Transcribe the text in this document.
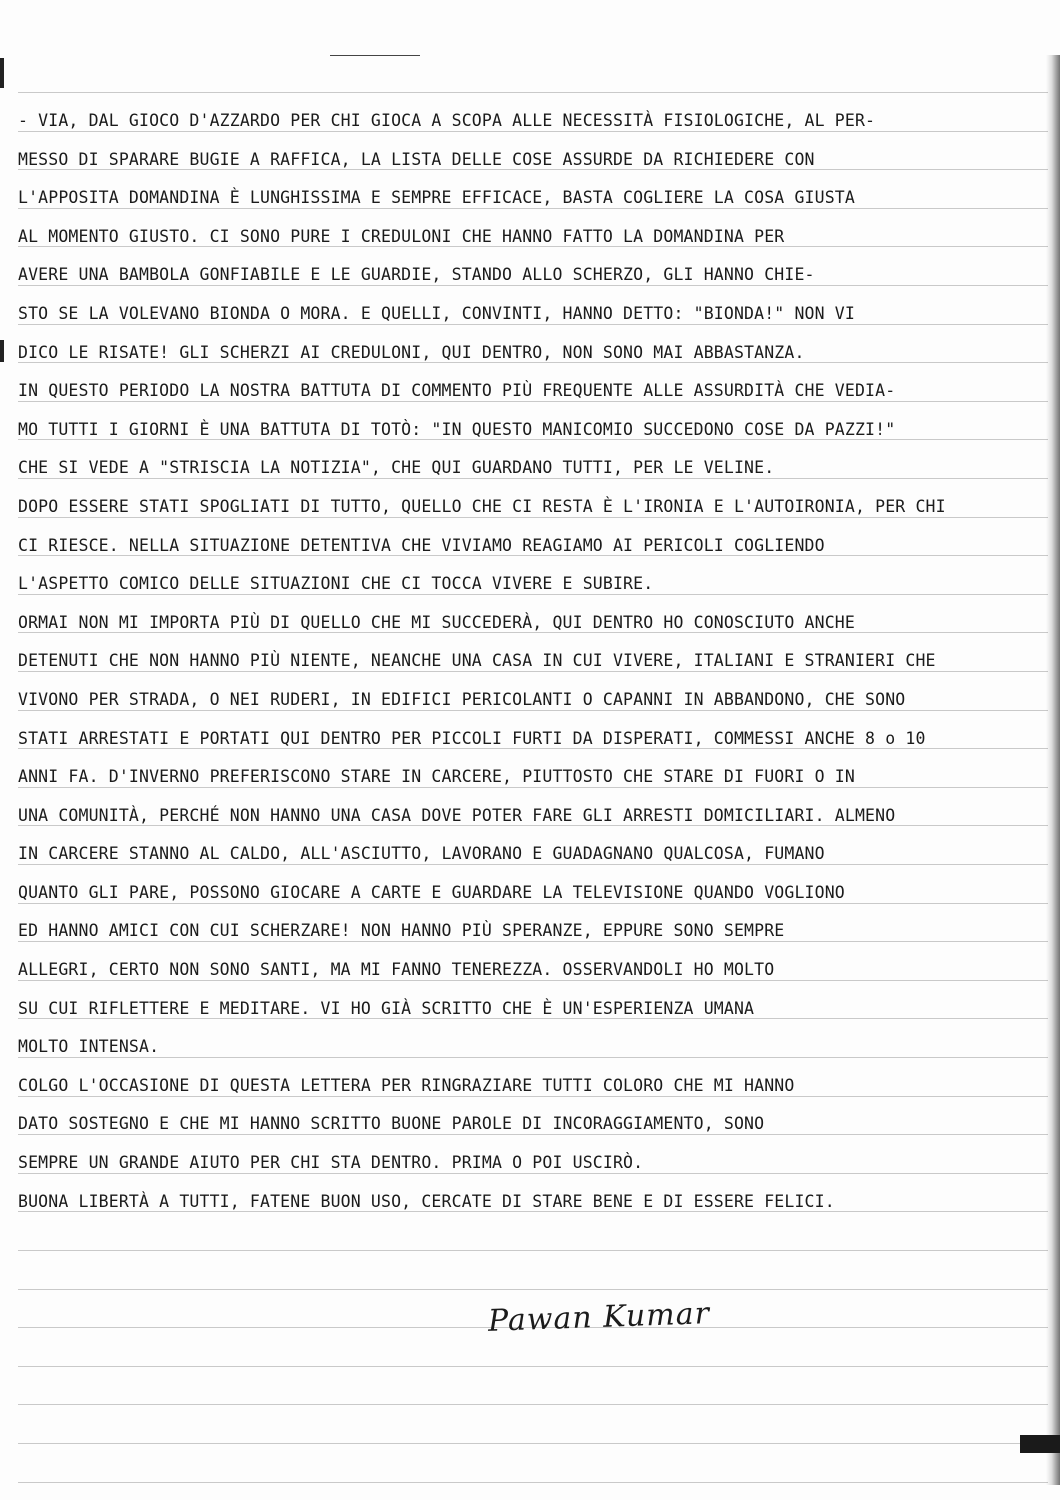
- VIA, DAL GIOCO D'AZZARDO PER CHI GIOCA A SCOPA ALLE NECESSITÀ FISIOLOGICHE, AL PER-
MESSO DI SPARARE BUGIE A RAFFICA, LA LISTA DELLE COSE ASSURDE DA RICHIEDERE CON
L'APPOSITA DOMANDINA È LUNGHISSIMA E SEMPRE EFFICACE, BASTA COGLIERE LA COSA GIUSTA
AL MOMENTO GIUSTO. CI SONO PURE I CREDULONI CHE HANNO FATTO LA DOMANDINA PER
AVERE UNA BAMBOLA GONFIABILE E LE GUARDIE, STANDO ALLO SCHERZO, GLI HANNO CHIE-
STO SE LA VOLEVANO BIONDA O MORA. E QUELLI, CONVINTI, HANNO DETTO: "BIONDA!" NON VI
DICO LE RISATE! GLI SCHERZI AI CREDULONI, QUI DENTRO, NON SONO MAI ABBASTANZA.
IN QUESTO PERIODO LA NOSTRA BATTUTA DI COMMENTO PIÙ FREQUENTE ALLE ASSURDITÀ CHE VEDIA-
MO TUTTI I GIORNI È UNA BATTUTA DI TOTÒ: "IN QUESTO MANICOMIO SUCCEDONO COSE DA PAZZI!"
CHE SI VEDE A "STRISCIA LA NOTIZIA", CHE QUI GUARDANO TUTTI, PER LE VELINE.
DOPO ESSERE STATI SPOGLIATI DI TUTTO, QUELLO CHE CI RESTA È L'IRONIA E L'AUTOIRONIA, PER CHI
CI RIESCE. NELLA SITUAZIONE DETENTIVA CHE VIVIAMO REAGIAMO AI PERICOLI COGLIENDO
L'ASPETTO COMICO DELLE SITUAZIONI CHE CI TOCCA VIVERE E SUBIRE.
ORMAI NON MI IMPORTA PIÙ DI QUELLO CHE MI SUCCEDERÀ, QUI DENTRO HO CONOSCIUTO ANCHE
DETENUTI CHE NON HANNO PIÙ NIENTE, NEANCHE UNA CASA IN CUI VIVERE, ITALIANI E STRANIERI CHE
VIVONO PER STRADA, O NEI RUDERI, IN EDIFICI PERICOLANTI O CAPANNI IN ABBANDONO, CHE SONO
STATI ARRESTATI E PORTATI QUI DENTRO PER PICCOLI FURTI DA DISPERATI, COMMESSI ANCHE 8 o 10
ANNI FA. D'INVERNO PREFERISCONO STARE IN CARCERE, PIUTTOSTO CHE STARE DI FUORI O IN
UNA COMUNITÀ, PERCHÉ NON HANNO UNA CASA DOVE POTER FARE GLI ARRESTI DOMICILIARI. ALMENO
IN CARCERE STANNO AL CALDO, ALL'ASCIUTTO, LAVORANO E GUADAGNANO QUALCOSA, FUMANO
QUANTO GLI PARE, POSSONO GIOCARE A CARTE E GUARDARE LA TELEVISIONE QUANDO VOGLIONO
ED HANNO AMICI CON CUI SCHERZARE! NON HANNO PIÙ SPERANZE, EPPURE SONO SEMPRE
ALLEGRI, CERTO NON SONO SANTI, MA MI FANNO TENEREZZA. OSSERVANDOLI HO MOLTO
SU CUI RIFLETTERE E MEDITARE. VI HO GIÀ SCRITTO CHE È UN'ESPERIENZA UMANA
MOLTO INTENSA.
COLGO L'OCCASIONE DI QUESTA LETTERA PER RINGRAZIARE TUTTI COLORO CHE MI HANNO
DATO SOSTEGNO E CHE MI HANNO SCRITTO BUONE PAROLE DI INCORAGGIAMENTO, SONO
SEMPRE UN GRANDE AIUTO PER CHI STA DENTRO. PRIMA O POI USCIRÒ.
BUONA LIBERTÀ A TUTTI, FATENE BUON USO, CERCATE DI STARE BENE E DI ESSERE FELICI.
Pawan Kumar
